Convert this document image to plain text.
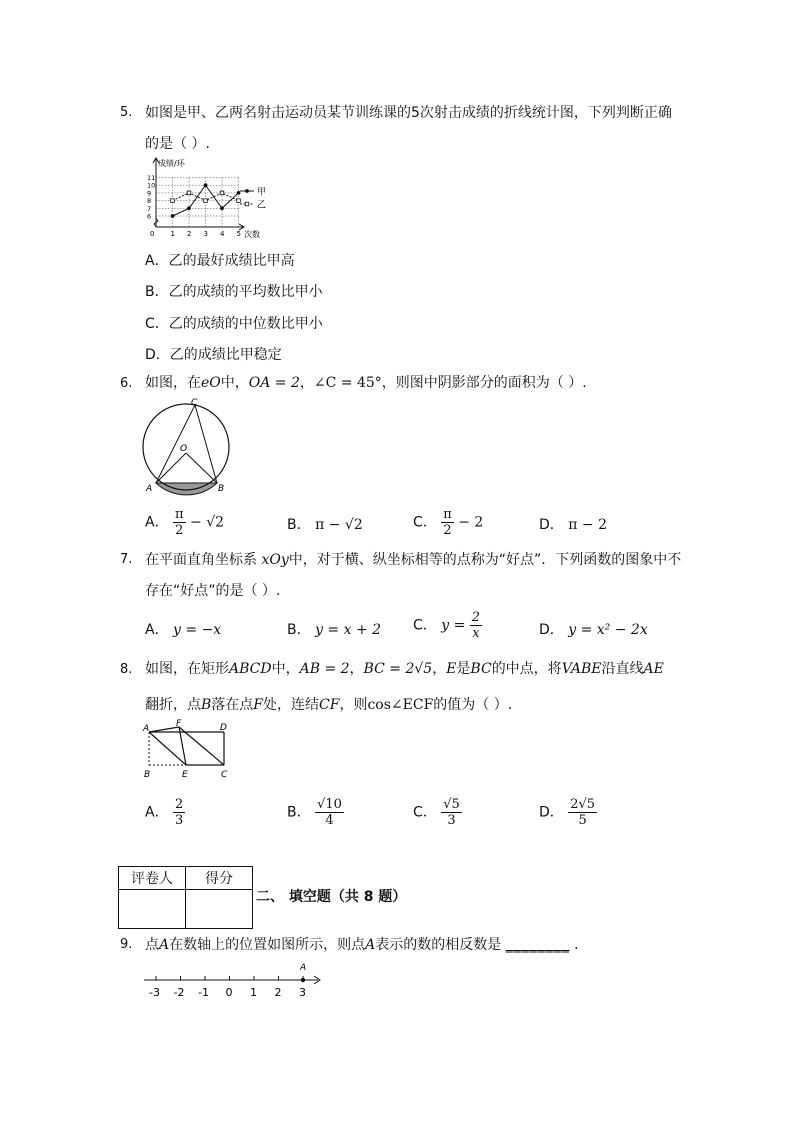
5. 如图是甲、乙两名射击运动员某节训练课的5次射击成绩的折线统计图，下列判断正确
的是（ ）.
成绩/环
次数
6
7
8
9
10
11
0 1 2 3 4 5
甲
乙
A．乙的最好成绩比甲高
B．乙的成绩的平均数比甲小
C．乙的成绩的中位数比甲小
D．乙的成绩比甲稳定
6. 如图，在eO中，OA = 2，∠C = 45°，则图中阴影部分的面积为（ ）.
C
O
A	B
A． $\frac{\pi}{2} - √2$	B． π − √2	C． $\frac{\pi}{2} - 2$	D． π − 2
7. 在平面直角坐标系 xOy中，对于横、纵坐标相等的点称为“好点”．下列函数的图象中不
存在“好点”的是（ ）.
A． y = −x	B． y = x + 2 C． $y = \frac{2}{x}$	D． y = x² − 2x
8. 如图，在矩形ABCD中，AB = 2，BC = 2√5，E是BC的中点，将VABE沿直线AE
翻折，点B落在点F处，连结CF，则cos∠ECF的值为（ ）.
A	F	D
B	E	C
A． $\frac{2}{3}$	B． $\frac{√10}{4}$	C． $\frac{√5}{3}$	D． $\frac{2√5}{5}$
评卷人	得分

二、 填空题（共 8 题）
9. 点A在数轴上的位置如图所示，则点A表示的数的相反数是 ________ ．
-3 -2 -1 0 1 2 3
A
